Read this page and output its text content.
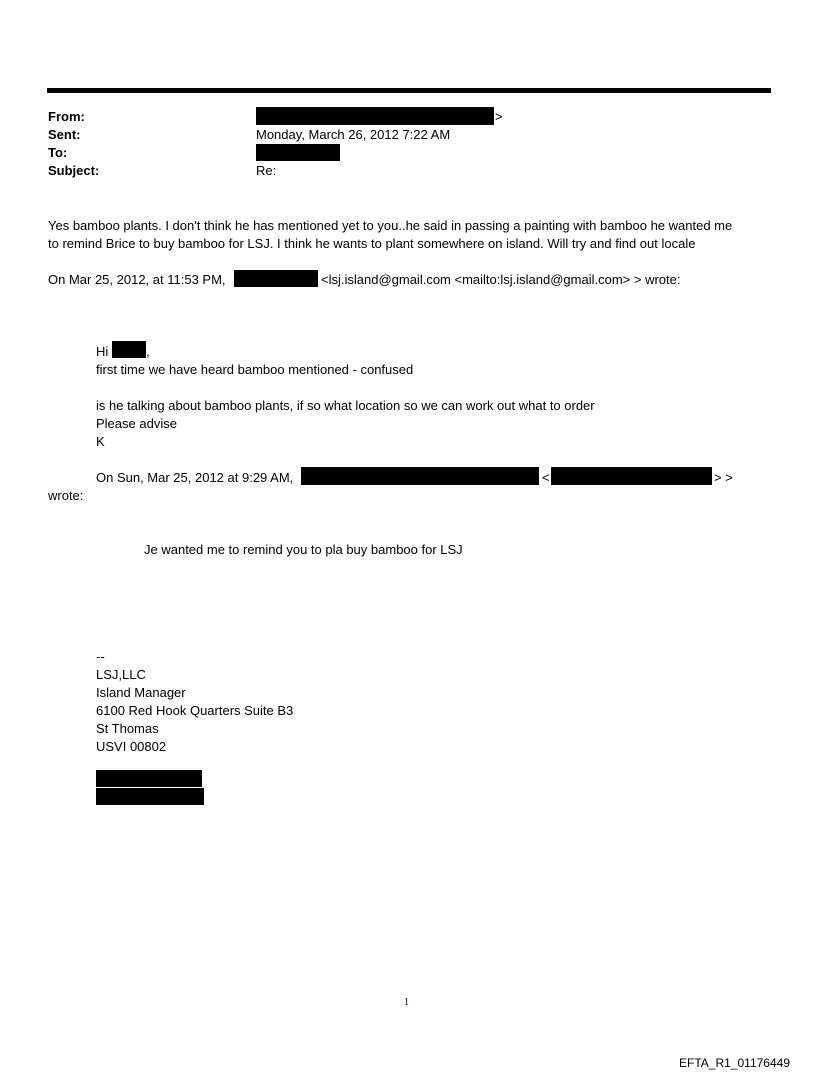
From:	>
Sent:	Monday, March 26, 2012 7:22 AM
To:
Subject:	Re:
Yes bamboo plants. I don't think he has mentioned yet to you..he said in passing a painting with bamboo he wanted me
to remind Brice to buy bamboo for LSJ. I think he wants to plant somewhere on island. Will try and find out locale
On Mar 25, 2012, at 11:53 PM,	<lsj.island@gmail.com <mailto:lsj.island@gmail.com> > wrote:
Hi	,
first time we have heard bamboo mentioned - confused
is he talking about bamboo plants, if so what location so we can work out what to order
Please advise
K
On Sun, Mar 25, 2012 at 9:29 AM,	<	> >
wrote:
Je wanted me to remind you to pla buy bamboo for LSJ
--
LSJ,LLC
Island Manager
6100 Red Hook Quarters Suite B3
St Thomas
USVI 00802
1
EFTA_R1_01176449
